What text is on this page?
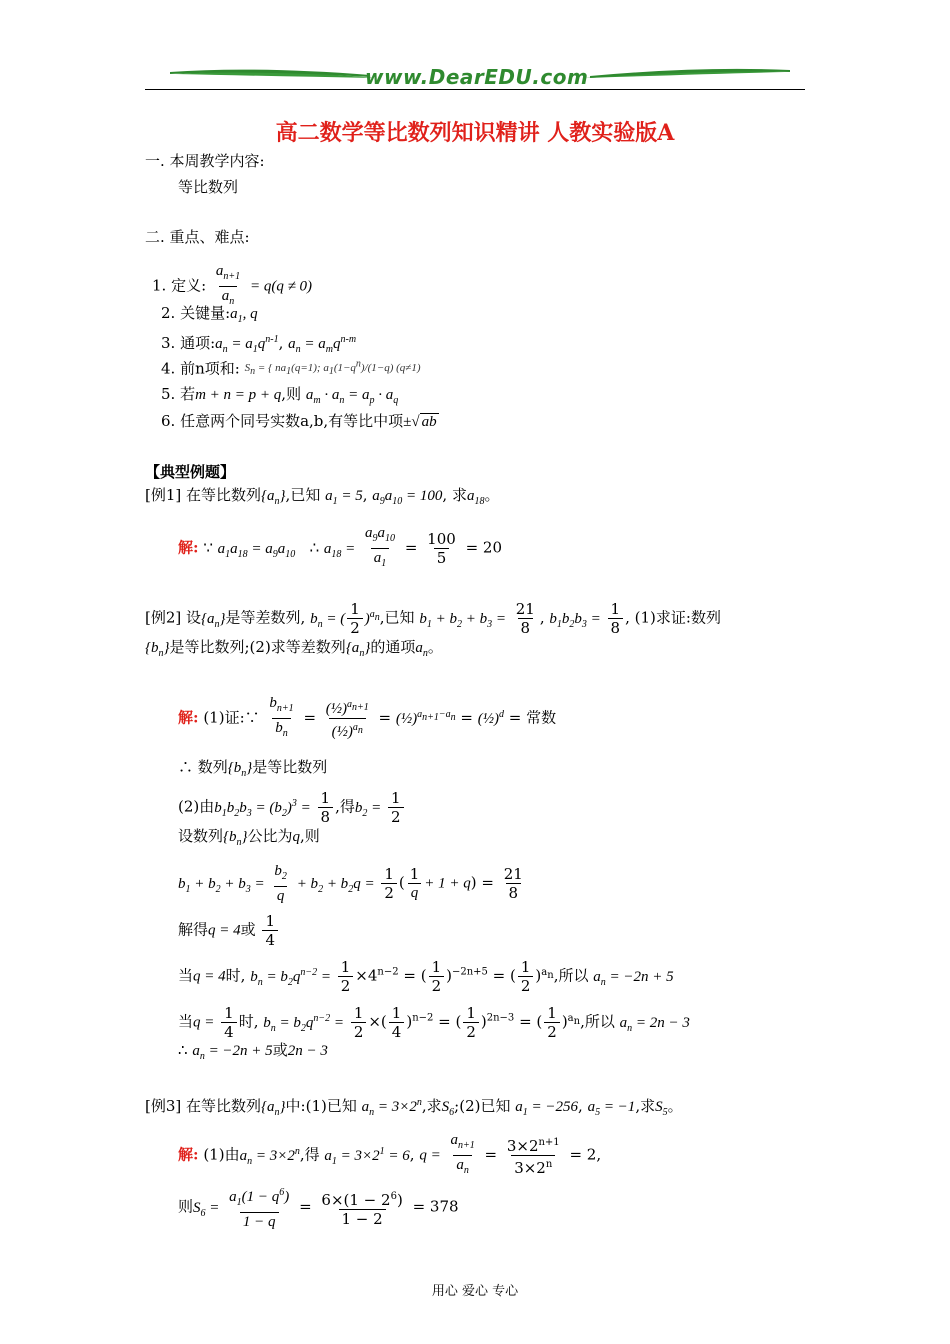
www.DearEDU.com
高二数学等比数列知识精讲 人教实验版A
一. 本周教学内容:
等比数列
二. 重点、难点:
1. 定义: $\frac{a_{n+1}}{a_n} = q(q \ne 0)$
2. 关键量$:a_1$, q
3. 通项$:a_n = a_1q^{n-1}$, $a_n = a_mq^{n-m}$
4. 前n项和: $^{S_n = \{ na_1(q=1); a_1(1-q^n)/(1-q) (q\ne 1)}$
5. 若m + n = p + q,则 $a_m \cdot a_n = a_p \cdot a_q$
6. 任意两个同号实数a,b,有等比中项±√ ab
【典型例题】
[例1] 在等比数列$\{a_n\}$,已知 $a_1 = 5$, $a_9a_{10} = 100$, 求$a_{18}$。
解: ∵ $a_1a_{18} = a_9a_{10}$   ∴ $a_{18} = \frac{a_9a_{10}}{a_1} = \frac{100}{5} = 20$
[例2] 设$\{a_n\}$是等差数列, $b_n$ = ( $\frac{1}{2} )^{a_n}$,已知 $b_1 + b_2 + b_3 = \frac{21}{8}$ , $b_1b_2b_3 = \frac{1}{8}$ , (1)求证:数列
$\{b_n\}$是等比数列;(2)求等差数列$\{a_n\}$的通项$a_n$。
解: (1)证:∵ $\frac{b_{n+1}}{b_n} = \frac{(\frac{1}{2})^{a_{n+1}}}{(\frac{1}{2})^{a_n}}$ = (½)$^{a_{n+1}-a_n}$ = (½)$^d$ = 常数
∴ 数列$\{b_n\}$是等比数列
(2)由$b_1b_2b_3 = (b_2)^3 = \frac{1}{8}$ ,得$b_2 = \frac{1}{2}$
设数列$\{b_n\}$公比为q,则
$b_1 + b_2 + b_3 = \frac{b_2}{q} + b_2 + b_2q = \frac{1}{2}$ ( $\frac{1}{q} + 1 + q) = \frac{21}{8}$
解得q = 4或 $\frac{1}{4}$
当q = 4时, $b_n = b_2q^{n-2} = \frac{1}{2} \times 4^{n-2}$ = ( $\frac{1}{2} )^{-2n+5}$ = ( $\frac{1}{2} )^{a_n}$,所以 $a_n = -2n + 5$
当$q = \frac{1}{4}$ 时, $b_n = b_2q^{n-2} = \frac{1}{2}$ ×( $\frac{1}{4} )^{n-2}$ = ( $\frac{1}{2} )^{2n-3}$ = ( $\frac{1}{2} )^{a_n}$,所以 $a_n = 2n - 3$
∴ $a_n = -2n + 5$或2n − 3
[例3] 在等比数列$\{a_n\}$中:(1)已知 $a_n = 3\times 2^n$,求$S_6;(2)$已知 $a_1 = -256$, $a_5 = -1$,求$S_5$。
解: (1)由$a_n = 3\times 2^n$,得 $a_1 = 3\times 2^1 = 6$, $q = \frac{a_{n+1}}{a_n} = \frac{3\times 2^{n+1}}{3\times 2^n} = 2$,
则$S_6 = \frac{a_1(1 - q^6)}{1 - q} = \frac{6\times(1 - 2^6)}{1 - 2} = 378$
用心 爱心 专心
